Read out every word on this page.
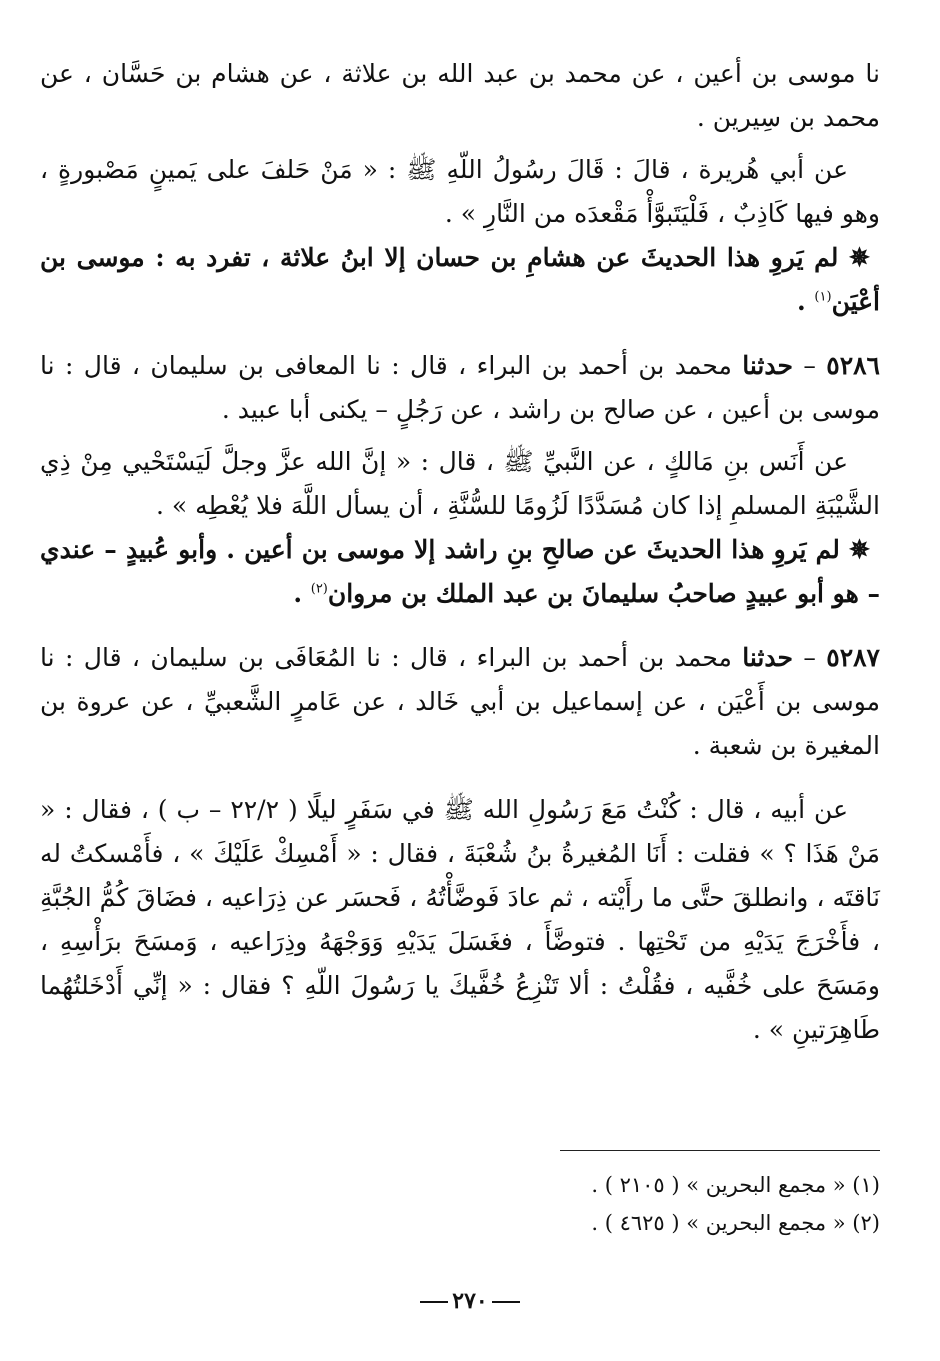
نا موسى بن أعين ، عن محمد بن عبد الله بن علاثة ، عن هشام بن حَسَّان ، عن محمد بن سِيرين .

عن أبي هُريرة ، قالَ : قَالَ رسُولُ اللّهِ ﷺ : « مَنْ حَلفَ على يَمينٍ مَصْبورةٍ ، وهو فيها كَاذِبٌ ، فَلْيَتَبوَّأْ مَقْعدَه من النَّارِ » .

✵ لم يَروِ هذا الحديثَ عن هشامِ بن حسان إلا ابنُ علاثة ، تفرد به : موسى بن أعْيَن$^{(١)}$ .

٥٢٨٦ – حدثنا محمد بن أحمد بن البراء ، قال : نا المعافى بن سليمان ، قال : نا موسى بن أعين ، عن صالح بن راشد ، عن رَجُلٍ – يكنى أبا عبيد .

عن أَنَس بنِ مَالكٍ ، عن النَّبيِّ ﷺ ، قال : « إنَّ الله عزَّ وجلَّ لَيَسْتَحْيي مِنْ ذِي الشَّيْبَةِ المسلمِ إذا كان مُسَدَّدًا لَزُومًا للسُّنَّةِ ، أن يسأل اللَّهَ فلا يُعْطِه » .

✵ لم يَروِ هذا الحديثَ عن صالحِ بنِ راشد إلا موسى بن أعين . وأبو عُبيدٍ – عندي – هو أبو عبيدٍ صاحبُ سليمانَ بن عبد الملك بن مروان$^{(٢)}$ .

٥٢٨٧ – حدثنا محمد بن أحمد بن البراء ، قال : نا المُعَافَى بن سليمان ، قال : نا موسى بن أَعْيَن ، عن إسماعيل بن أبي خَالد ، عن عَامرٍ الشَّعبيِّ ، عن عروة بن المغيرة بن شعبة .

عن أبيه ، قال : كُنْتُ مَعَ رَسُولِ الله ﷺ في سَفَرٍ ليلًا ( ٢٢/٢ – ب ) ، فقال : « مَنْ هَذَا ؟ » فقلت : أَنَا المُغيرةُ بنُ شُعْبَةَ ، فقال : « أَمْسِكْ عَلَيْكَ » ، فأَمْسكتُ له نَاقتَه ، وانطلقَ حتَّى ما رأَيْته ، ثم عادَ فَوضَّأْتُهُ ، فَحسَر عن ذِرَاعيه ، فضَاقَ كُمُّ الجُبَّةِ ، فأَخْرَجَ يَدَيْهِ من تَحْتِها . فتوضَّأَ ، فغَسَلَ يَدَيْهِ وَوَجْهَهُ وذِرَاعيه ، وَمسَحَ برَأْسِهِ ، ومَسَحَ على خُفَّيه ، فقُلْتُ : ألا تَنْزِعُ خُفَّيكَ يا رَسُولَ اللّهِ ؟ فقال : « إنِّي أَدْخَلتُهُما طَاهِرَتينِ » .

(١) « مجمع البحرين » ( ٢١٠٥ ) .
(٢) « مجمع البحرين » ( ٤٦٢٥ ) .
٢٧٠
